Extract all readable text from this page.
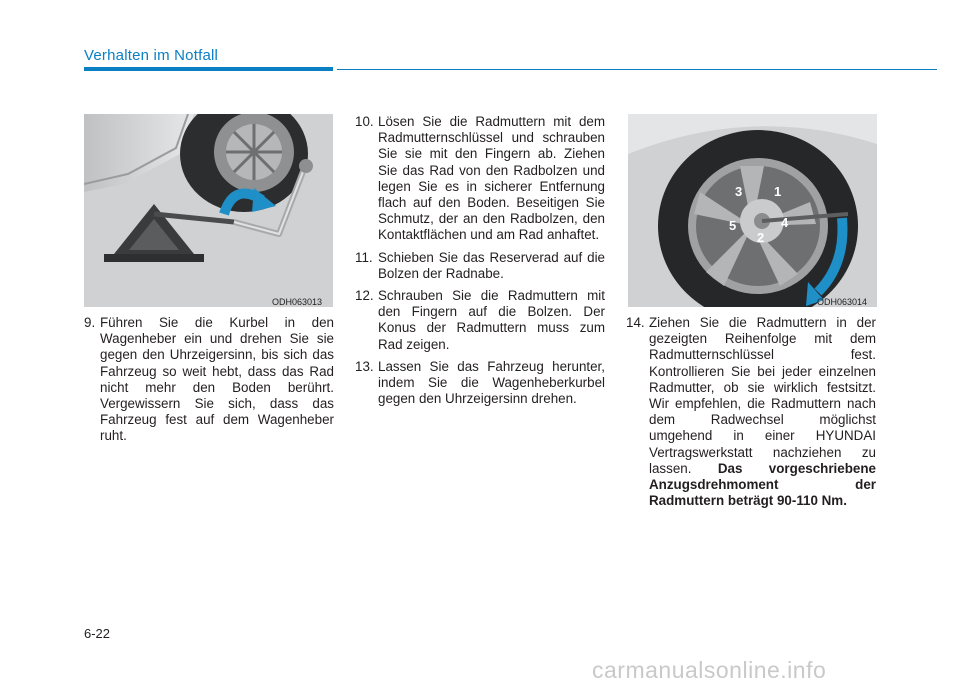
Verhalten im Notfall
ODH063013
3 1
5	4
2
ODH063014
9. Führen Sie die Kurbel in den Wagenheber ein und drehen Sie sie gegen den Uhrzeigersinn, bis sich das Fahrzeug so weit hebt, dass das Rad nicht mehr den Boden berührt. Vergewissern Sie sich, dass das Fahrzeug fest auf dem Wagenheber ruht.
10. Lösen Sie die Radmuttern mit dem Radmutternschlüssel und schrauben Sie sie mit den Fingern ab. Ziehen Sie das Rad von den Radbolzen und legen Sie es in sicherer Entfernung flach auf den Boden. Beseitigen Sie Schmutz, der an den Radbolzen, den Kontaktflächen und am Rad anhaftet.
11. Schieben Sie das Reserverad auf die Bolzen der Radnabe.
12. Schrauben Sie die Radmuttern mit den Fingern auf die Bolzen. Der Konus der Radmuttern muss zum Rad zeigen.
13. Lassen Sie das Fahrzeug herunter, indem Sie die Wagenheberkurbel gegen den Uhrzeigersinn drehen.
14. Ziehen Sie die Radmuttern in der gezeigten Reihenfolge mit dem Radmutternschlüssel fest. Kontrollieren Sie bei jeder einzelnen Radmutter, ob sie wirklich festsitzt. Wir empfehlen, die Radmuttern nach dem Radwechsel möglichst umgehend in einer HYUNDAI Vertragswerkstatt nachziehen zu lassen. Das vorgeschriebene Anzugsdrehmoment der Radmuttern beträgt 90-110 Nm.
6-22
carmanualsonline.info
